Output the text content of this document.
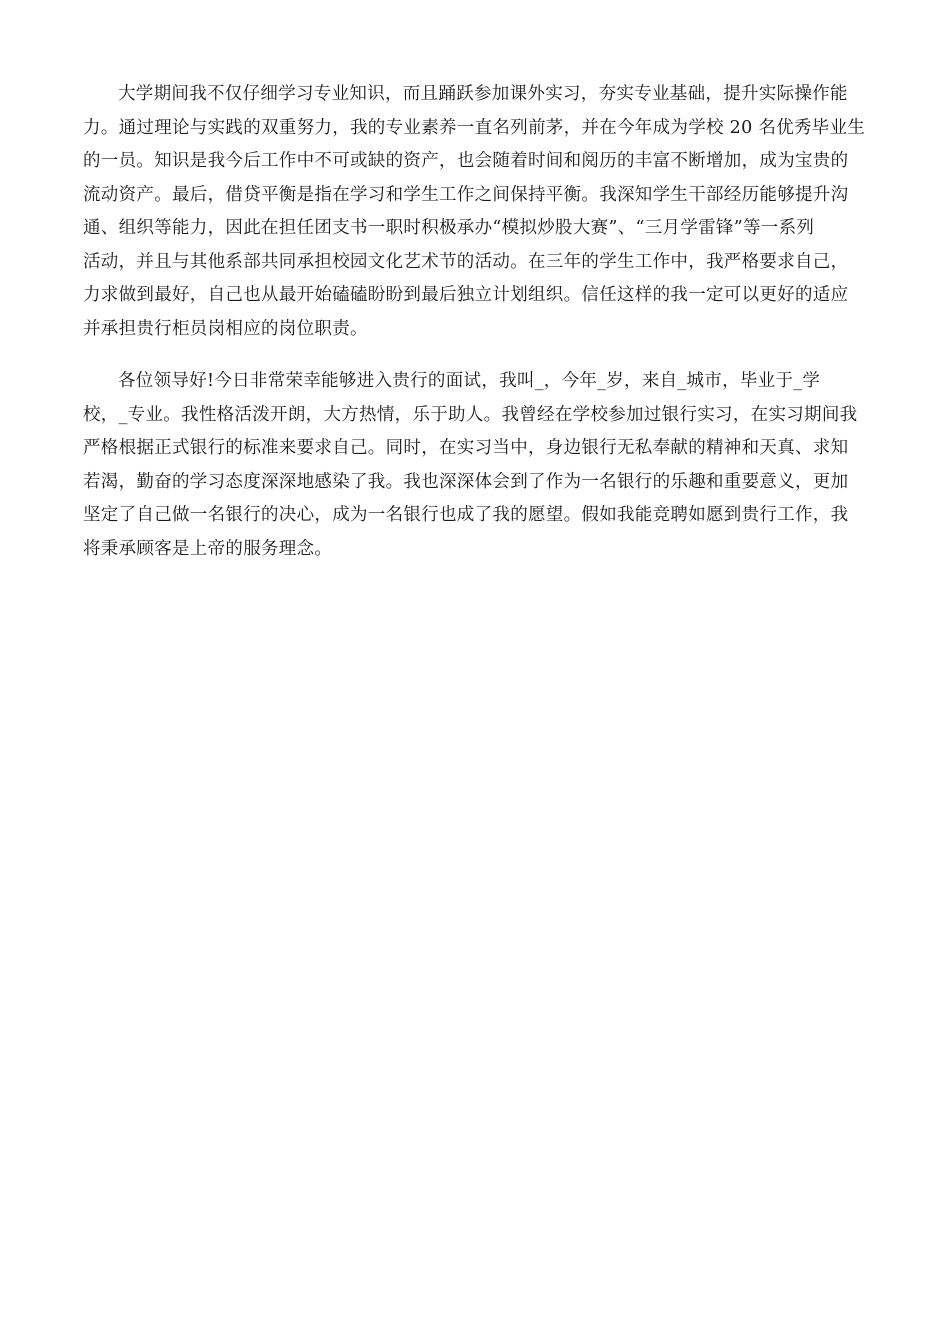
大学期间我不仅仔细学习专业知识，而且踊跃参加课外实习，夯实专业基础，提升实际操作能
力。通过理论与实践的双重努力，我的专业素养一直名列前茅，并在今年成为学校 20 名优秀毕业生
的一员。知识是我今后工作中不可或缺的资产，也会随着时间和阅历的丰富不断增加，成为宝贵的
流动资产。最后，借贷平衡是指在学习和学生工作之间保持平衡。我深知学生干部经历能够提升沟
通、组织等能力，因此在担任团支书一职时积极承办“模拟炒股大赛”、“三月学雷锋”等一系列
活动，并且与其他系部共同承担校园文化艺术节的活动。在三年的学生工作中，我严格要求自己，
力求做到最好，自己也从最开始磕磕盼盼到最后独立计划组织。信任这样的我一定可以更好的适应
并承担贵行柜员岗相应的岗位职责。

各位领导好!今日非常荣幸能够进入贵行的面试，我叫_，今年_岁，来自_城市，毕业于_学
校，_专业。我性格活泼开朗，大方热情，乐于助人。我曾经在学校参加过银行实习，在实习期间我
严格根据正式银行的标准来要求自己。同时，在实习当中，身边银行无私奉献的精神和天真、求知
若渴，勤奋的学习态度深深地感染了我。我也深深体会到了作为一名银行的乐趣和重要意义，更加
坚定了自己做一名银行的决心，成为一名银行也成了我的愿望。假如我能竞聘如愿到贵行工作，我
将秉承顾客是上帝的服务理念。
